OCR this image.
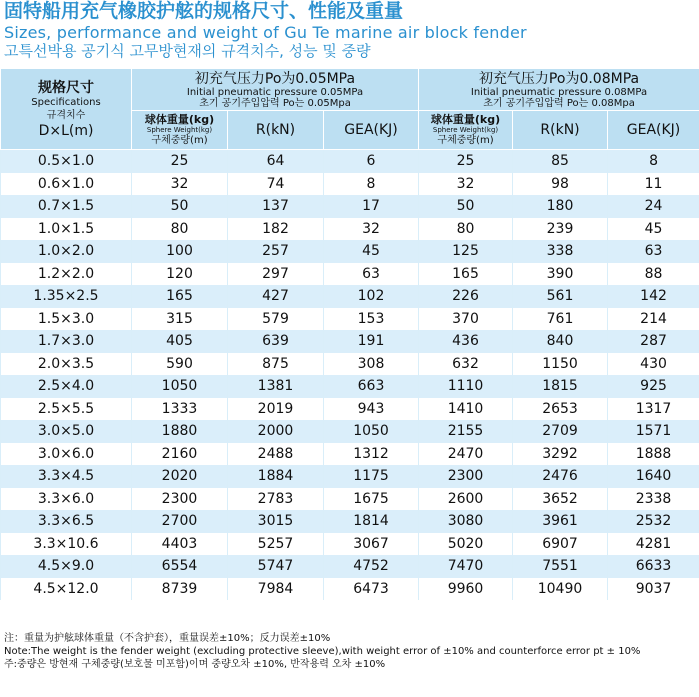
固特船用充气橡胶护舷的规格尺寸、性能及重量
Sizes, performance and weight of Gu Te marine air block fender
고특선박용 공기식 고무방현재의 규격치수, 성능 및 중량
规格尺寸
Specifications
규격치수
D×L(m)	初充气压力Po为0.05MPa
Initial pneumatic pressure 0.05MPa
초기 공기주입압력 Po는 0.05Mpa			初充气压力Po为0.08MPa
Initial pneumatic pressure 0.08MPa
초기 공기주입압력 Po는 0.08Mpa		

	球体重量(kg)
Sphere Weight(kg)
구체중량(m)	R(kN)	GEA(KJ)	球体重量(kg)
Sphere Weight(kg)
구체중량(m)	R(kN)	GEA(KJ)
0.5×1.0	25	64	6	25	85	8
0.6×1.0	32	74	8	32	98	11
0.7×1.5	50	137	17	50	180	24
1.0×1.5	80	182	32	80	239	45
1.0×2.0	100	257	45	125	338	63
1.2×2.0	120	297	63	165	390	88
1.35×2.5	165	427	102	226	561	142
1.5×3.0	315	579	153	370	761	214
1.7×3.0	405	639	191	436	840	287
2.0×3.5	590	875	308	632	1150	430
2.5×4.0	1050	1381	663	1110	1815	925
2.5×5.5	1333	2019	943	1410	2653	1317
3.0×5.0	1880	2000	1050	2155	2709	1571
3.0×6.0	2160	2488	1312	2470	3292	1888
3.3×4.5	2020	1884	1175	2300	2476	1640
3.3×6.0	2300	2783	1675	2600	3652	2338
3.3×6.5	2700	3015	1814	3080	3961	2532
3.3×10.6	4403	5257	3067	5020	6907	4281
4.5×9.0	6554	5747	4752	7470	7551	6633
4.5×12.0	8739	7984	6473	9960	10490	9037
注：重量为护舷球体重量（不含护套），重量误差±10%；反力误差±10%
Note:The weight is the fender weight (excluding protective sleeve),with weight error of ±10% and counterforce error pt ± 10%
주:중량은 방현재 구체중량(보호물 미포함)이며 중량오차 ±10%, 반작용력 오차 ±10%
